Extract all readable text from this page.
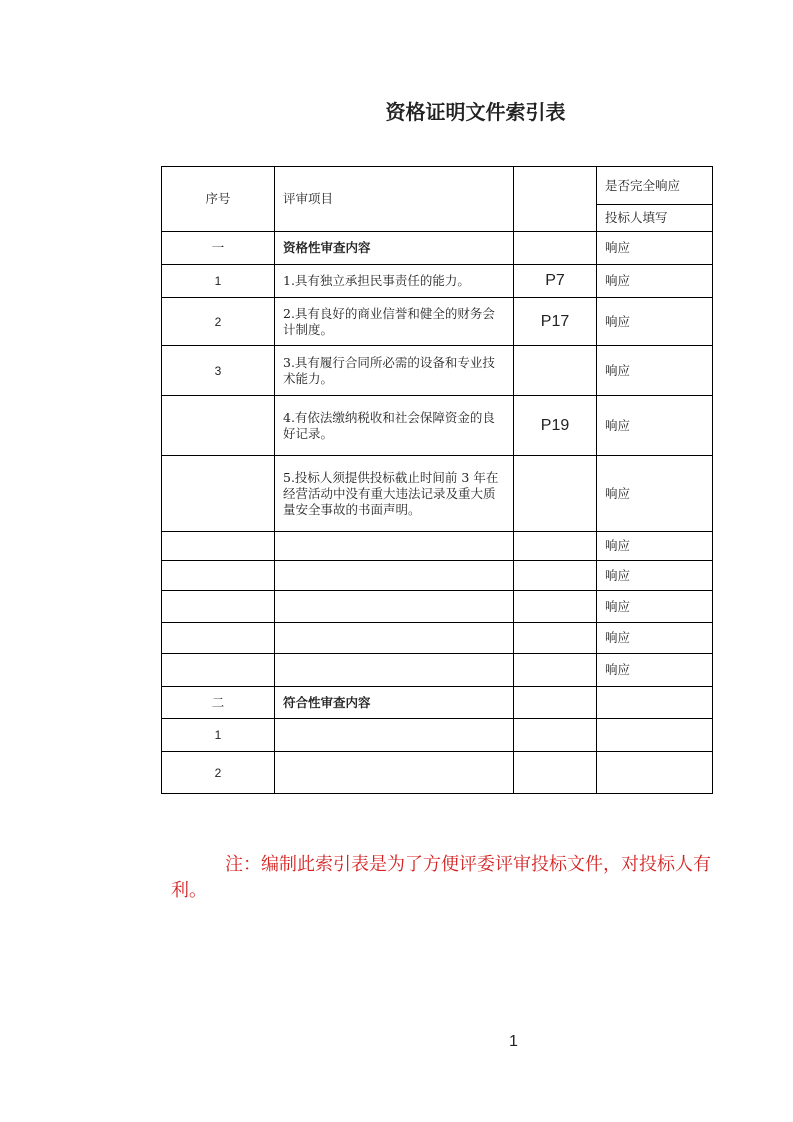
资格证明文件索引表
序号	评审项目		是否完全响应
			投标人填写
一	资格性审查内容		响应
1	1.具有独立承担民事责任的能力。	P7	响应
2	2.具有良好的商业信誉和健全的财务会计制度。	P17	响应
3	3.具有履行合同所必需的设备和专业技术能力。		响应
	4.有依法缴纳税收和社会保障资金的良好记录。	P19	响应
	5.投标人须提供投标截止时间前 3 年在经营活动中没有重大违法记录及重大质量安全事故的书面声明。		响应
			响应
			响应
			响应
			响应
			响应
二	符合性审查内容		
1			
2			
注：编制此索引表是为了方便评委评审投标文件，对投标人有利。
1
